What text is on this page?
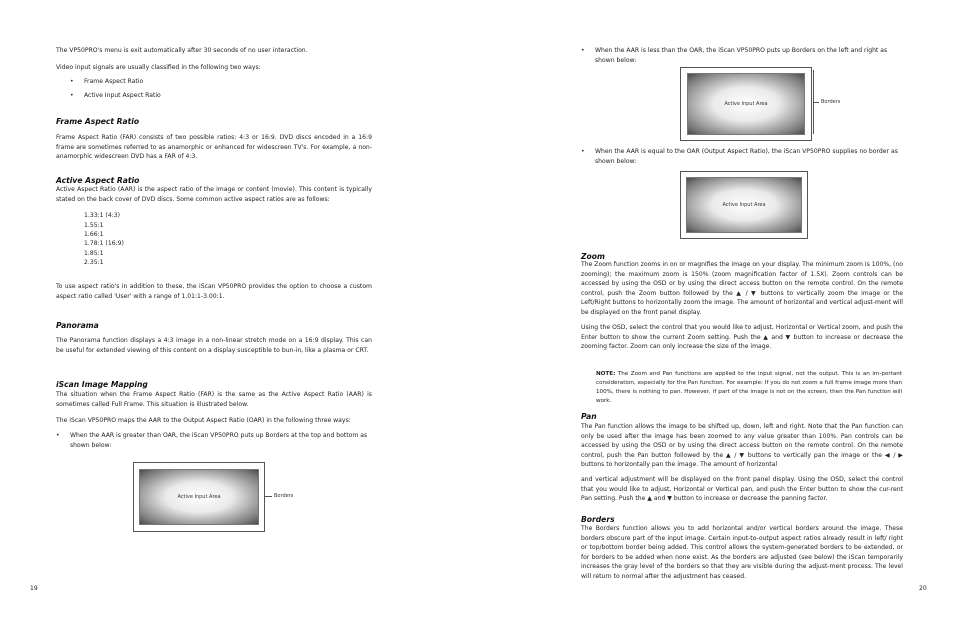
The VP50PRO's menu is exit automatically after 30 seconds of no user interaction.

Video input signals are usually classified in the following two ways:

• Frame Aspect Ratio
• Active Input Aspect Ratio

Frame Aspect Ratio

Frame Aspect Ratio (FAR) consists of two possible ratios: 4:3 or 16:9. DVD discs encoded in a 16:9 frame are sometimes referred to as anamorphic or enhanced for widescreen TV's. For example, a non-anamorphic widescreen DVD has a FAR of 4:3.

Active Aspect Ratio

Active Aspect Ratio (AAR) is the aspect ratio of the image or content (movie). This content is typically stated on the back cover of DVD discs. Some common active aspect ratios are as follows:

1.33:1 (4:3)
1.55:1
1.66:1
1.78:1 (16:9)
1.85:1
2.35:1

To use aspect ratio's in addition to these, the iScan VP50PRO provides the option to choose a custom aspect ratio called 'User' with a range of 1.01:1-3.00:1.

Panorama

The Panorama function displays a 4:3 image in a non-linear stretch mode on a 16:9 display. This can be useful for extended viewing of this content on a display susceptible to bun-in, like a plasma or CRT.

iScan Image Mapping

The situation when the Frame Aspect Ratio (FAR) is the same as the Active Aspect Ratio (AAR) is sometimes called Full Frame. This situation is illustrated below.

The iScan VP50PRO maps the AAR to the Output Aspect Ratio (OAR) in the following three ways:

• When the AAR is greater than OAR, the iScan VP50PRO puts up Borders at the top and bottom as shown below:
Active Input Area	Borders
19
• When the AAR is less than the OAR, the iScan VP50PRO puts up Borders on the left and right as shown below:
Active Input Area	Borders
• When the AAR is equal to the OAR (Output Aspect Ratio), the iScan VP50PRO supplies no border as shown below:
Active Input Area

Zoom

The Zoom function zooms in on or magnifies the image on your display. The minimum zoom is 100%, (no zooming); the maximum zoom is 150% (zoom magnification factor of 1.5X). Zoom controls can be accessed by using the OSD or by using the direct access button on the remote control. On the remote control, push the Zoom button followed by the ▲ / ▼ buttons to vertically zoom the image or the Left/Right buttons to horizontally zoom the image. The amount of horizontal and vertical adjust-ment will be displayed on the front panel display.

Using the OSD, select the control that you would like to adjust, Horizontal or Vertical zoom, and push the Enter button to show the current Zoom setting. Push the ▲ and ▼ button to increase or decrease the zooming factor. Zoom can only increase the size of the image.

NOTE: The Zoom and Pan functions are applied to the input signal, not the output. This is an im-portant consideration, especially for the Pan function. For example: If you do not zoom a full frame image more than 100%, there is nothing to pan. However, if part of the image is not on the screen, then the Pan function will work.

Pan

The Pan function allows the image to be shifted up, down, left and right. Note that the Pan function can only be used after the image has been zoomed to any value greater than 100%. Pan controls can be accessed by using the OSD or by using the direct access button on the remote control. On the remote control, push the Pan button followed by the ▲ / ▼ buttons to vertically pan the image or the ◀ / ▶ buttons to horizontally pan the image. The amount of horizontal

and vertical adjustment will be displayed on the front panel display. Using the OSD, select the control that you would like to adjust, Horizontal or Vertical pan, and push the Enter button to show the cur-rent Pan setting. Push the ▲ and ▼ button to increase or decrease the panning factor.

Borders

The Borders function allows you to add horizontal and/or vertical borders around the image. These borders obscure part of the input image. Certain input-to-output aspect ratios already result in left/ right or top/bottom border being added. This control allows the system-generated borders to be extended, or for borders to be added when none exist. As the borders are adjusted (see below) the iScan temporarily increases the gray level of the borders so that they are visible during the adjust-ment process. The level will return to normal after the adjustment has ceased.

20
